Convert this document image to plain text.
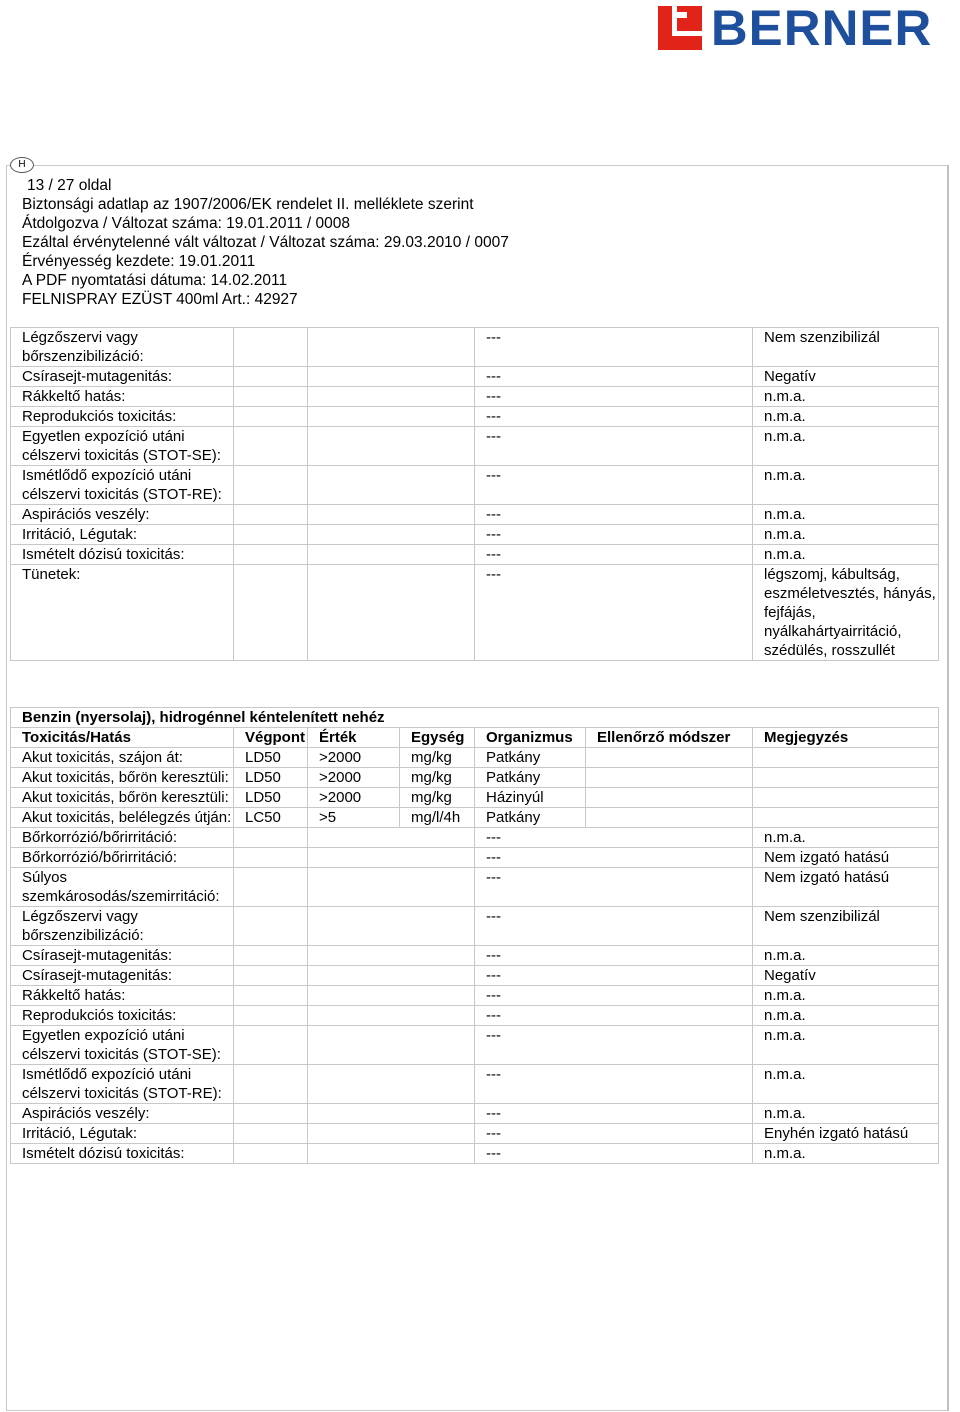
BERNER
H
13 / 27 oldal
Biztonsági adatlap az 1907/2006/EK rendelet II. melléklete szerint
Átdolgozva / Változat száma: 19.01.2011 / 0008
Ezáltal érvénytelenné vált változat / Változat száma: 29.03.2010 / 0007
Érvényesség kezdete: 19.01.2011
A PDF nyomtatási dátuma: 14.02.2011
FELNISPRAY EZÜST 400ml Art.: 42927
Légzőszervi vagy bőrszenzibilizáció:			---	Nem szenzibilizál
Csírasejt-mutagenitás:			---	Negatív
Rákkeltő hatás:			---	n.m.a.
Reprodukciós toxicitás:			---	n.m.a.
Egyetlen expozíció utáni célszervi toxicitás (STOT-SE):			---	n.m.a.
Ismétlődő expozíció utáni célszervi toxicitás (STOT-RE):			---	n.m.a.
Aspirációs veszély:			---	n.m.a.
Irritáció, Légutak:			---	n.m.a.
Ismételt dózisú toxicitás:			---	n.m.a.
Tünetek:			---	légszomj, kábultság, eszméletvesztés, hányás, fejfájás, nyálkahártyairritáció, szédülés, rosszullét
Benzin (nyersolaj), hidrogénnel kéntelenített nehéz						
Toxicitás/Hatás	Végpont	Érték	Egység	Organizmus	Ellenőrző módszer	Megjegyzés
Akut toxicitás, szájon át:	LD50	>2000	mg/kg	Patkány		
Akut toxicitás, bőrön keresztüli:	LD50	>2000	mg/kg	Patkány		
Akut toxicitás, bőrön keresztüli:	LD50	>2000	mg/kg	Házinyúl		
Akut toxicitás, belélegzés útján:	LC50	>5	mg/l/4h	Patkány		
Bőrkorrózió/bőrirritáció:				---		n.m.a.
Bőrkorrózió/bőrirritáció:				---		Nem izgató hatású
Súlyos szemkárosodás/szemirritáció:				---		Nem izgató hatású
Légzőszervi vagy bőrszenzibilizáció:				---		Nem szenzibilizál
Csírasejt-mutagenitás:				---		n.m.a.
Csírasejt-mutagenitás:				---		Negatív
Rákkeltő hatás:				---		n.m.a.
Reprodukciós toxicitás:				---		n.m.a.
Egyetlen expozíció utáni célszervi toxicitás (STOT-SE):				---		n.m.a.
Ismétlődő expozíció utáni célszervi toxicitás (STOT-RE):				---		n.m.a.
Aspirációs veszély:				---		n.m.a.
Irritáció, Légutak:				---		Enyhén izgató hatású
Ismételt dózisú toxicitás:				---		n.m.a.
